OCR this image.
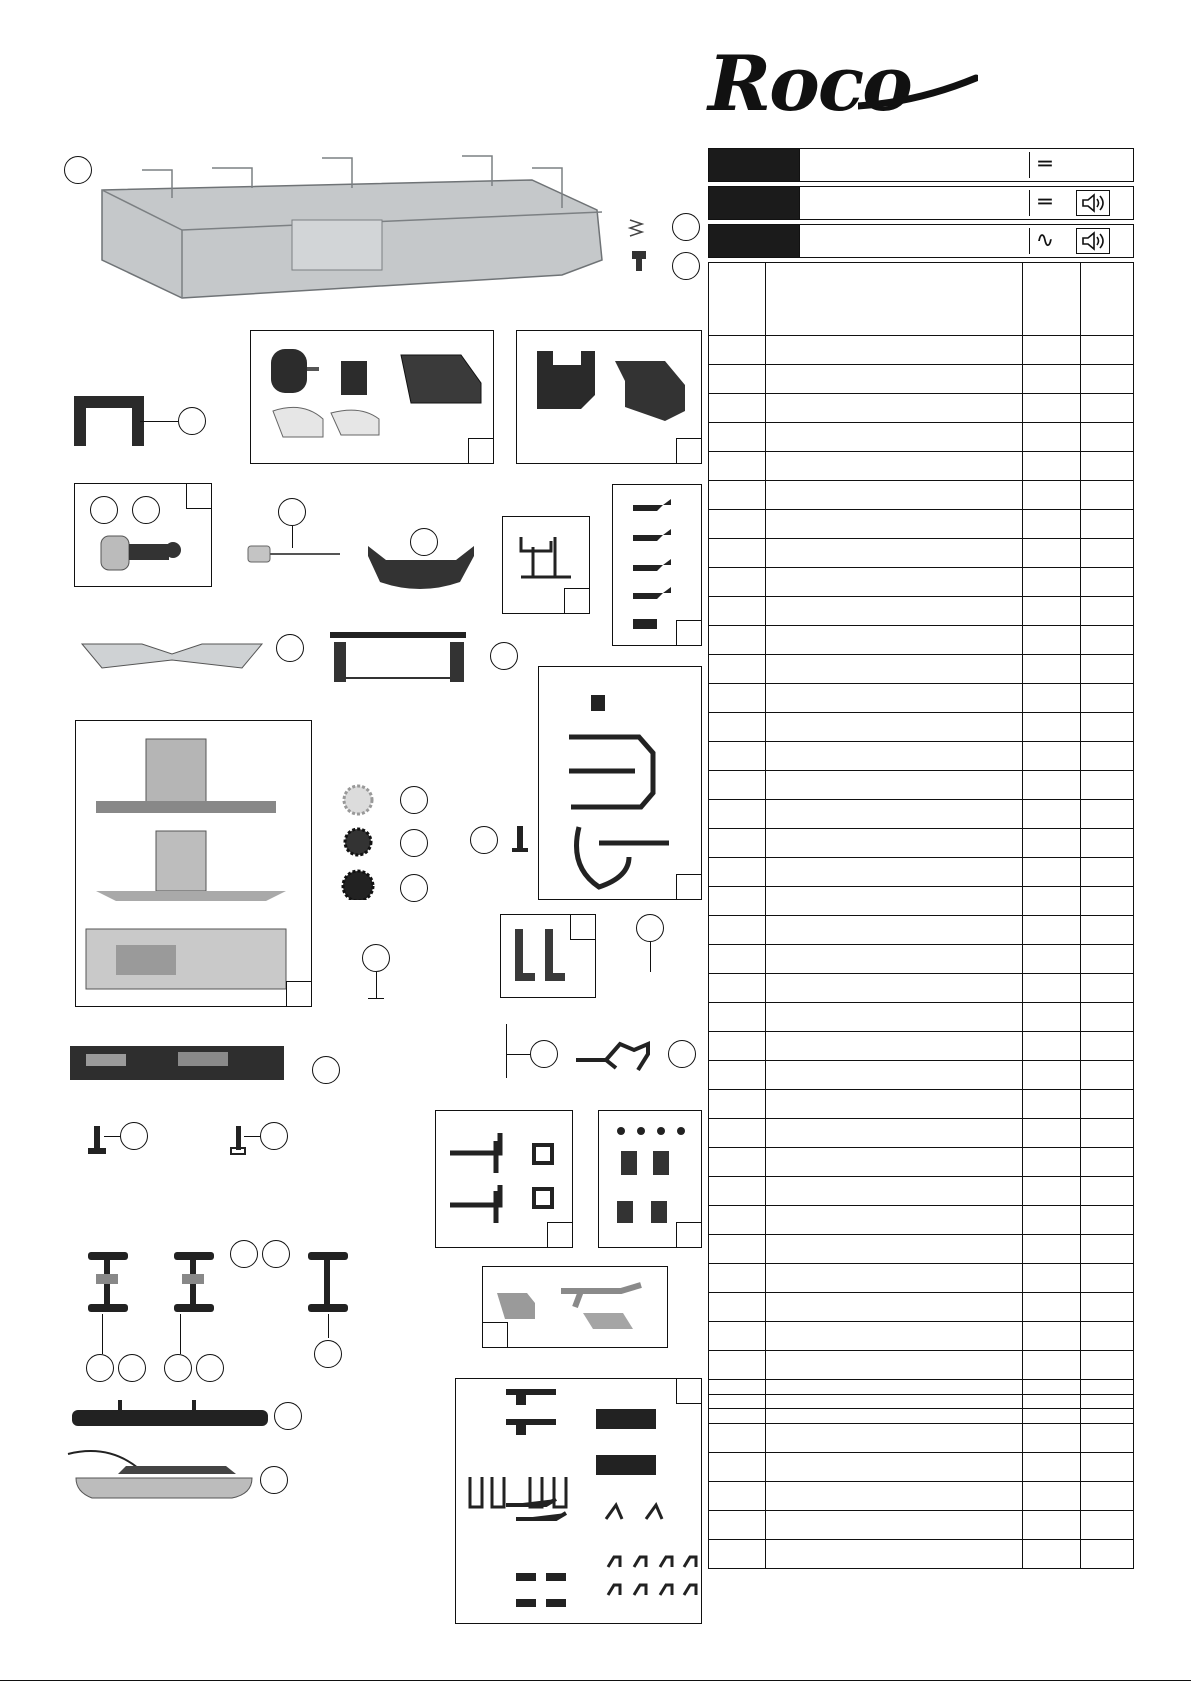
Roco
═
═
∿
